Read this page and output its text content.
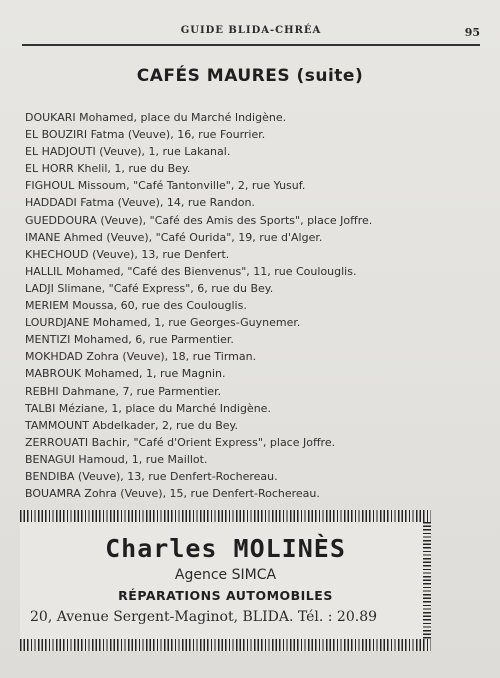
GUIDE BLIDA-CHRÉA	95
CAFÉS MAURES (suite)
DOUKARI Mohamed, place du Marché Indigène.
EL BOUZIRI Fatma (Veuve), 16, rue Fourrier.
EL HADJOUTI (Veuve), 1, rue Lakanal.
EL HORR Khelil, 1, rue du Bey.
FIGHOUL Missoum, "Café Tantonville", 2, rue Yusuf.
HADDADI Fatma (Veuve), 14, rue Randon.
GUEDDOURA (Veuve), "Café des Amis des Sports", place Joffre.
IMANE Ahmed (Veuve), "Café Ourida", 19, rue d'Alger.
KHECHOUD (Veuve), 13, rue Denfert.
HALLIL Mohamed, "Café des Bienvenus", 11, rue Coulouglis.
LADJI Slimane, "Café Express", 6, rue du Bey.
MERIEM Moussa, 60, rue des Coulouglis.
LOURDJANE Mohamed, 1, rue Georges-Guynemer.
MENTIZI Mohamed, 6, rue Parmentier.
MOKHDAD Zohra (Veuve), 18, rue Tirman.
MABROUK Mohamed, 1, rue Magnin.
REBHI Dahmane, 7, rue Parmentier.
TALBI Méziane, 1, place du Marché Indigène.
TAMMOUNT Abdelkader, 2, rue du Bey.
ZERROUATI Bachir, "Café d'Orient Express", place Joffre.
BENAGUI Hamoud, 1, rue Maillot.
BENDIBA (Veuve), 13, rue Denfert-Rochereau.
BOUAMRA Zohra (Veuve), 15, rue Denfert-Rochereau.
Charles MOLINÈS
Agence SIMCA
RÉPARATIONS AUTOMOBILES
20, Avenue Sergent-Maginot, BLIDA. Tél. : 20.89
